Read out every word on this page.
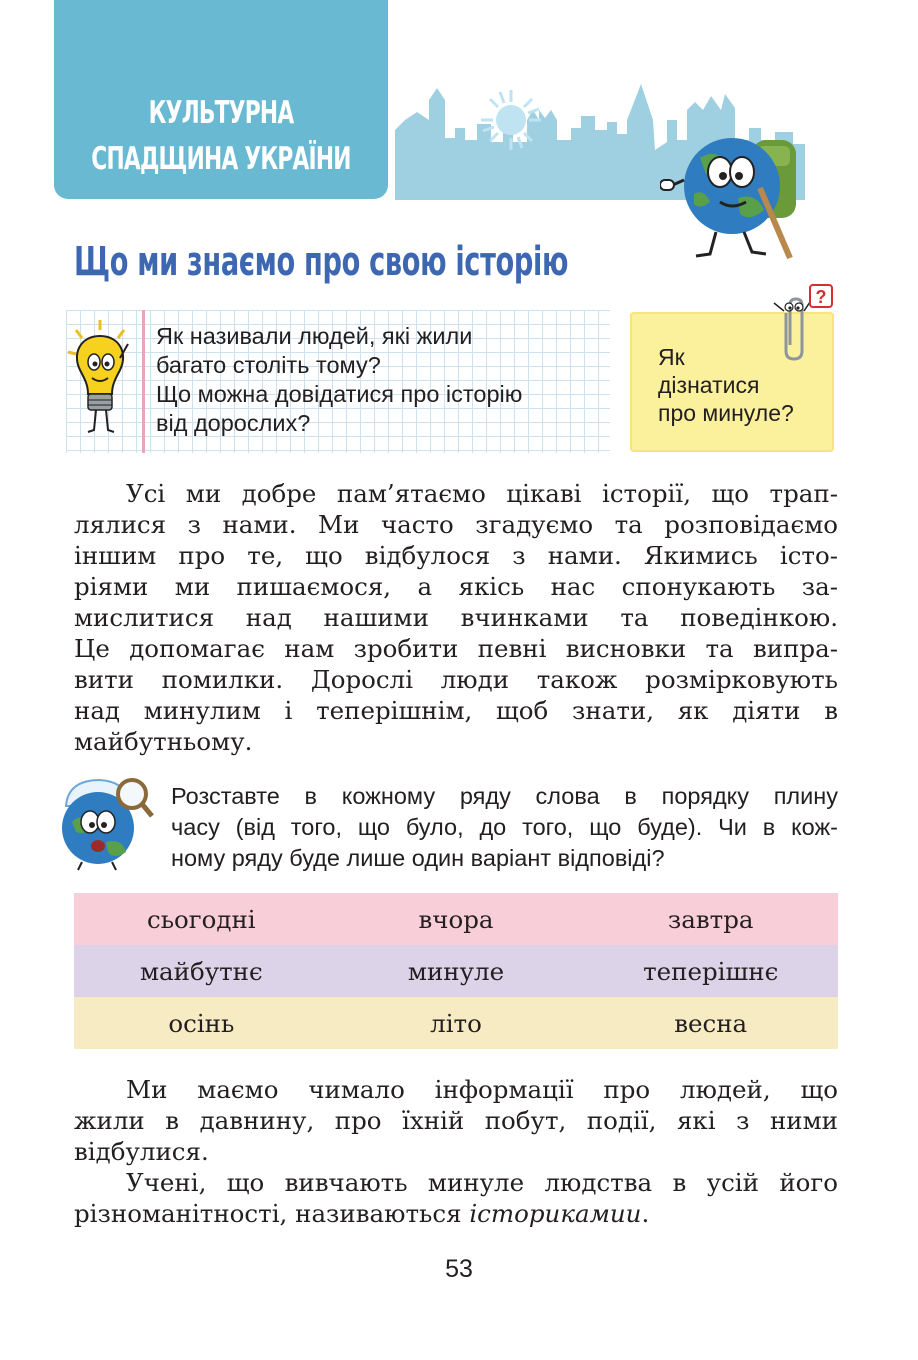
КУЛЬТУРНА
СПАДЩИНА УКРАЇНИ
Що ми знаємо про свою історію
Як називали людей, які жили
багато століть тому?
Що можна довідатися про історію
від дорослих?
Як
дізнатися
про минуле?
?
Усі ми добре пам’ятаємо цікаві історії, що трап-
лялися з нами. Ми часто згадуємо та розповідаємо
іншим про те, що відбулося з нами. Якимись істо-
ріями ми пишаємося, а якісь нас спонукають за-
мислитися над нашими вчинками та поведінкою.
Це допомагає нам зробити певні висновки та випра-
вити помилки. Дорослі люди також розмірковують
над минулим і теперішнім, щоб знати, як діяти в
майбутньому.
Розставте в кожному ряду слова в порядку плину
часу (від того, що було, до того, що буде). Чи в кож-
ному ряду буде лише один варіант відповіді?
сьогодні	вчора	завтра
майбутнє	минуле	теперішнє
осінь	літо	весна
Ми маємо чимало інформації про людей, що
жили в давнину, про їхній побут, події, які з ними
відбулися.
Учені, що вивчають минуле людства в усій його
різноманітності, називаються історикамии.
53
